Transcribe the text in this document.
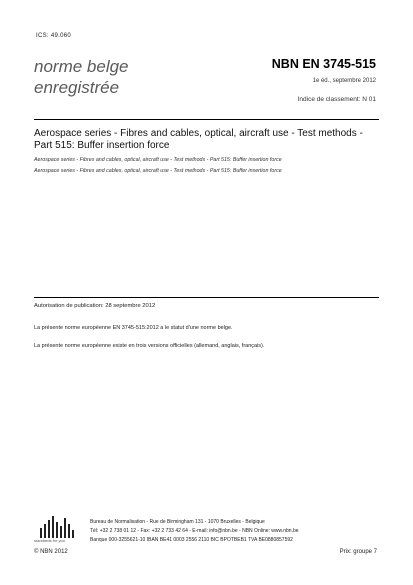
ICS: 49.060
norme belge
enregistrée
NBN EN 3745-515
1e éd., septembre 2012
Indice de classement: N 01
Aerospace series - Fibres and cables, optical, aircraft use - Test methods - Part 515: Buffer insertion force
Aerospace series - Fibres and cables, optical, aircraft use - Test methods - Part 515: Buffer insertion force
Aerospace series - Fibres and cables, optical, aircraft use - Test methods - Part 515: Buffer insertion force
Autorisation de publication: 28 septembre 2012
La présente norme européenne EN 3745-515:2012 a le statut d'une norme belge.
La présente norme européenne existe en trois versions officielles (allemand, anglais, français).
standards for you
Bureau de Normalisation - Rue de Birmingham 131 - 1070 Bruxelles - Belgique
Tél: +32 2 738 01 12 - Fax: +32 2 733 42 64 - E-mail: info@nbn.be - NBN Online: www.nbn.be
Banque 000-3255621-10 IBAN BE41 0003 2556 2110 BIC BPOTBEB1 TVA BE0880857592
© NBN 2012	Prix: groupe 7
